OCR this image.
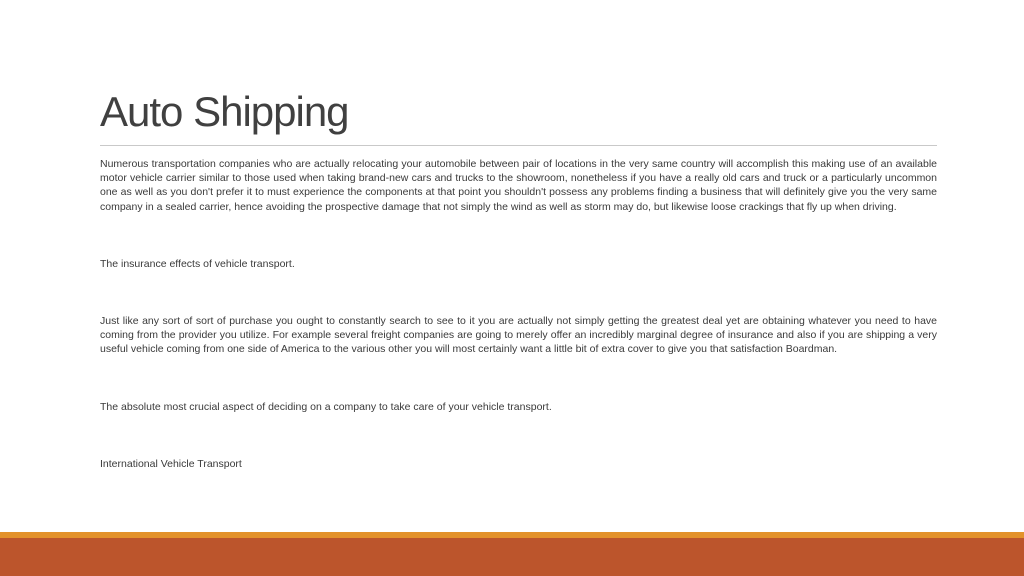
Auto Shipping

Numerous transportation companies who are actually relocating your automobile between pair of locations in the very same country will accomplish this making use of an available motor vehicle carrier similar to those used when taking brand-new cars and trucks to the showroom, nonetheless if you have a really old cars and truck or a particularly uncommon one as well as you don't prefer it to must experience the components at that point you shouldn't possess any problems finding a business that will definitely give you the very same company in a sealed carrier, hence avoiding the prospective damage that not simply the wind as well as storm may do, but likewise loose crackings that fly up when driving.

The insurance effects of vehicle transport.

Just like any sort of sort of purchase you ought to constantly search to see to it you are actually not simply getting the greatest deal yet are obtaining whatever you need to have coming from the provider you utilize. For example several freight companies are going to merely offer an incredibly marginal degree of insurance and also if you are shipping a very useful vehicle coming from one side of America to the various other you will most certainly want a little bit of extra cover to give you that satisfaction Boardman.

The absolute most crucial aspect of deciding on a company to take care of your vehicle transport.

International Vehicle Transport
